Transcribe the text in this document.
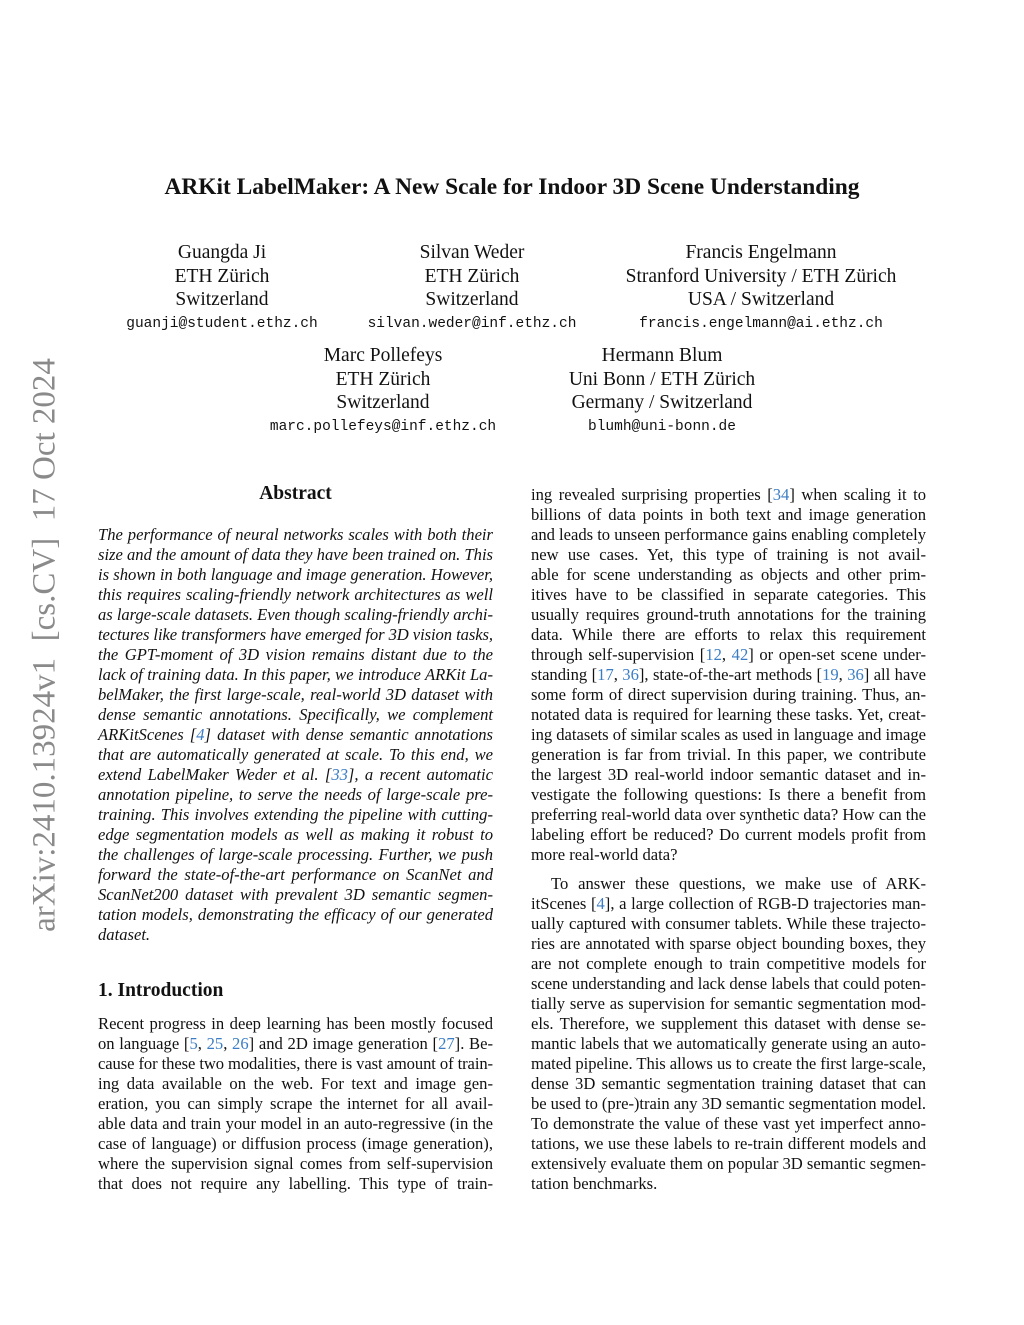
arXiv:2410.13924v1  [cs.CV]  17 Oct 2024
ARKit LabelMaker: A New Scale for Indoor 3D Scene Understanding
Guangda Ji
ETH Zürich
Switzerland
guanji@student.ethz.ch
Silvan Weder
ETH Zürich
Switzerland
silvan.weder@inf.ethz.ch
Francis Engelmann
Stranford University / ETH Zürich
USA / Switzerland
francis.engelmann@ai.ethz.ch
Marc Pollefeys
ETH Zürich
Switzerland
marc.pollefeys@inf.ethz.ch
Hermann Blum
Uni Bonn / ETH Zürich
Germany / Switzerland
blumh@uni-bonn.de
Abstract
The performance of neural networks scales with both their
size and the amount of data they have been trained on. This
is shown in both language and image generation. However,
this requires scaling-friendly network architectures as well
as large-scale datasets. Even though scaling-friendly archi-
tectures like transformers have emerged for 3D vision tasks,
the GPT-moment of 3D vision remains distant due to the
lack of training data. In this paper, we introduce ARKit La-
belMaker, the first large-scale, real-world 3D dataset with
dense semantic annotations. Specifically, we complement
ARKitScenes [4] dataset with dense semantic annotations
that are automatically generated at scale. To this end, we
extend LabelMaker Weder et al. [33], a recent automatic
annotation pipeline, to serve the needs of large-scale pre-
training. This involves extending the pipeline with cutting-
edge segmentation models as well as making it robust to
the challenges of large-scale processing. Further, we push
forward the state-of-the-art performance on ScanNet and
ScanNet200 dataset with prevalent 3D semantic segmen-
tation models, demonstrating the efficacy of our generated
dataset.
1. Introduction
Recent progress in deep learning has been mostly focused
on language [5, 25, 26] and 2D image generation [27]. Be-
cause for these two modalities, there is vast amount of train-
ing data available on the web. For text and image gen-
eration, you can simply scrape the internet for all avail-
able data and train your model in an auto-regressive (in the
case of language) or diffusion process (image generation),
where the supervision signal comes from self-supervision
that does not require any labelling. This type of train-
ing revealed surprising properties [34] when scaling it to
billions of data points in both text and image generation
and leads to unseen performance gains enabling completely
new use cases. Yet, this type of training is not avail-
able for scene understanding as objects and other prim-
itives have to be classified in separate categories. This
usually requires ground-truth annotations for the training
data. While there are efforts to relax this requirement
through self-supervision [12, 42] or open-set scene under-
standing [17, 36], state-of-the-art methods [19, 36] all have
some form of direct supervision during training. Thus, an-
notated data is required for learning these tasks. Yet, creat-
ing datasets of similar scales as used in language and image
generation is far from trivial. In this paper, we contribute
the largest 3D real-world indoor semantic dataset and in-
vestigate the following questions: Is there a benefit from
preferring real-world data over synthetic data? How can the
labeling effort be reduced? Do current models profit from
more real-world data?
To answer these questions, we make use of ARK-
itScenes [4], a large collection of RGB-D trajectories man-
ually captured with consumer tablets. While these trajecto-
ries are annotated with sparse object bounding boxes, they
are not complete enough to train competitive models for
scene understanding and lack dense labels that could poten-
tially serve as supervision for semantic segmentation mod-
els. Therefore, we supplement this dataset with dense se-
mantic labels that we automatically generate using an auto-
mated pipeline. This allows us to create the first large-scale,
dense 3D semantic segmentation training dataset that can
be used to (pre-)train any 3D semantic segmentation model.
To demonstrate the value of these vast yet imperfect anno-
tations, we use these labels to re-train different models and
extensively evaluate them on popular 3D semantic segmen-
tation benchmarks.
